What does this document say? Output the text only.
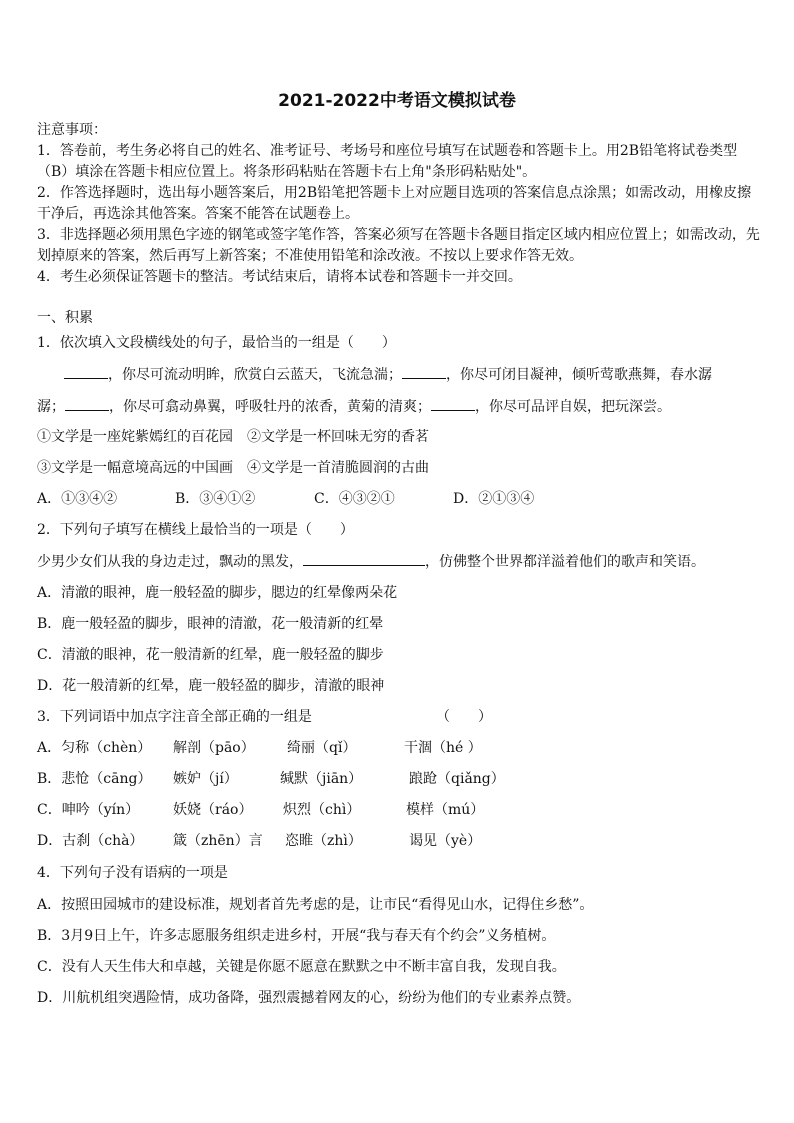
2021-2022中考语文模拟试卷
注意事项：
1．答卷前，考生务必将自己的姓名、准考证号、考场号和座位号填写在试题卷和答题卡上。用2B铅笔将试卷类型
（B）填涂在答题卡相应位置上。将条形码粘贴在答题卡右上角"条形码粘贴处"。
2．作答选择题时，选出每小题答案后，用2B铅笔把答题卡上对应题目选项的答案信息点涂黑；如需改动，用橡皮擦
干净后，再选涂其他答案。答案不能答在试题卷上。
3．非选择题必须用黑色字迹的钢笔或签字笔作答，答案必须写在答题卡各题目指定区域内相应位置上；如需改动，先
划掉原来的答案，然后再写上新答案；不准使用铅笔和涂改液。不按以上要求作答无效。
4．考生必须保证答题卡的整洁。考试结束后，请将本试卷和答题卡一并交回。
一、积累
1．依次填入文段横线处的句子，最恰当的一组是（　　）
，你尽可流动明眸，欣赏白云蓝天，飞流急湍；	，你尽可闭目凝神，倾听莺歌燕舞，春水潺
潺；	，你尽可翕动鼻翼，呼吸牡丹的浓香，黄菊的清爽；	，你尽可品评自娱，把玩深尝。
①文学是一座姹紫嫣红的百花园　②文学是一杯回味无穷的香茗
③文学是一幅意境高远的中国画　④文学是一首清脆圆润的古曲
A．①③④②	B．③④①②	C．④③②①	D．②①③④
2．下列句子填写在横线上最恰当的一项是（　　）
少男少女们从我的身边走过，飘动的黑发，	，仿佛整个世界都洋溢着他们的歌声和笑语。
A．清澈的眼神，鹿一般轻盈的脚步，腮边的红晕像两朵花
B．鹿一般轻盈的脚步，眼神的清澈，花一般清新的红晕
C．清澈的眼神，花一般清新的红晕，鹿一般轻盈的脚步
D．花一般清新的红晕，鹿一般轻盈的脚步，清澈的眼神
3．下列词语中加点字注音全部正确的一组是	（　　）
A．匀称（chèn） 解剖（pāo） 绮丽（qǐ）	干涸（hé ）
B．悲怆（cāng） 嫉妒（jí）	缄默（jiān）	踉跄（qiǎng）
C．呻吟（yín） 妖娆（ráo） 炽烈（chì）	模样（mú）
D．古刹（chà） 箴（zhēn）言 恣睢（zhì）	谒见（yè）
4．下列句子没有语病的一项是
A．按照田园城市的建设标准，规划者首先考虑的是，让市民“看得见山水，记得住乡愁”。
B．3月9日上午，许多志愿服务组织走进乡村，开展“我与春天有个约会”义务植树。
C．没有人天生伟大和卓越，关键是你愿不愿意在默默之中不断丰富自我，发现自我。
D．川航机组突遇险情，成功备降，强烈震撼着网友的心，纷纷为他们的专业素养点赞。
